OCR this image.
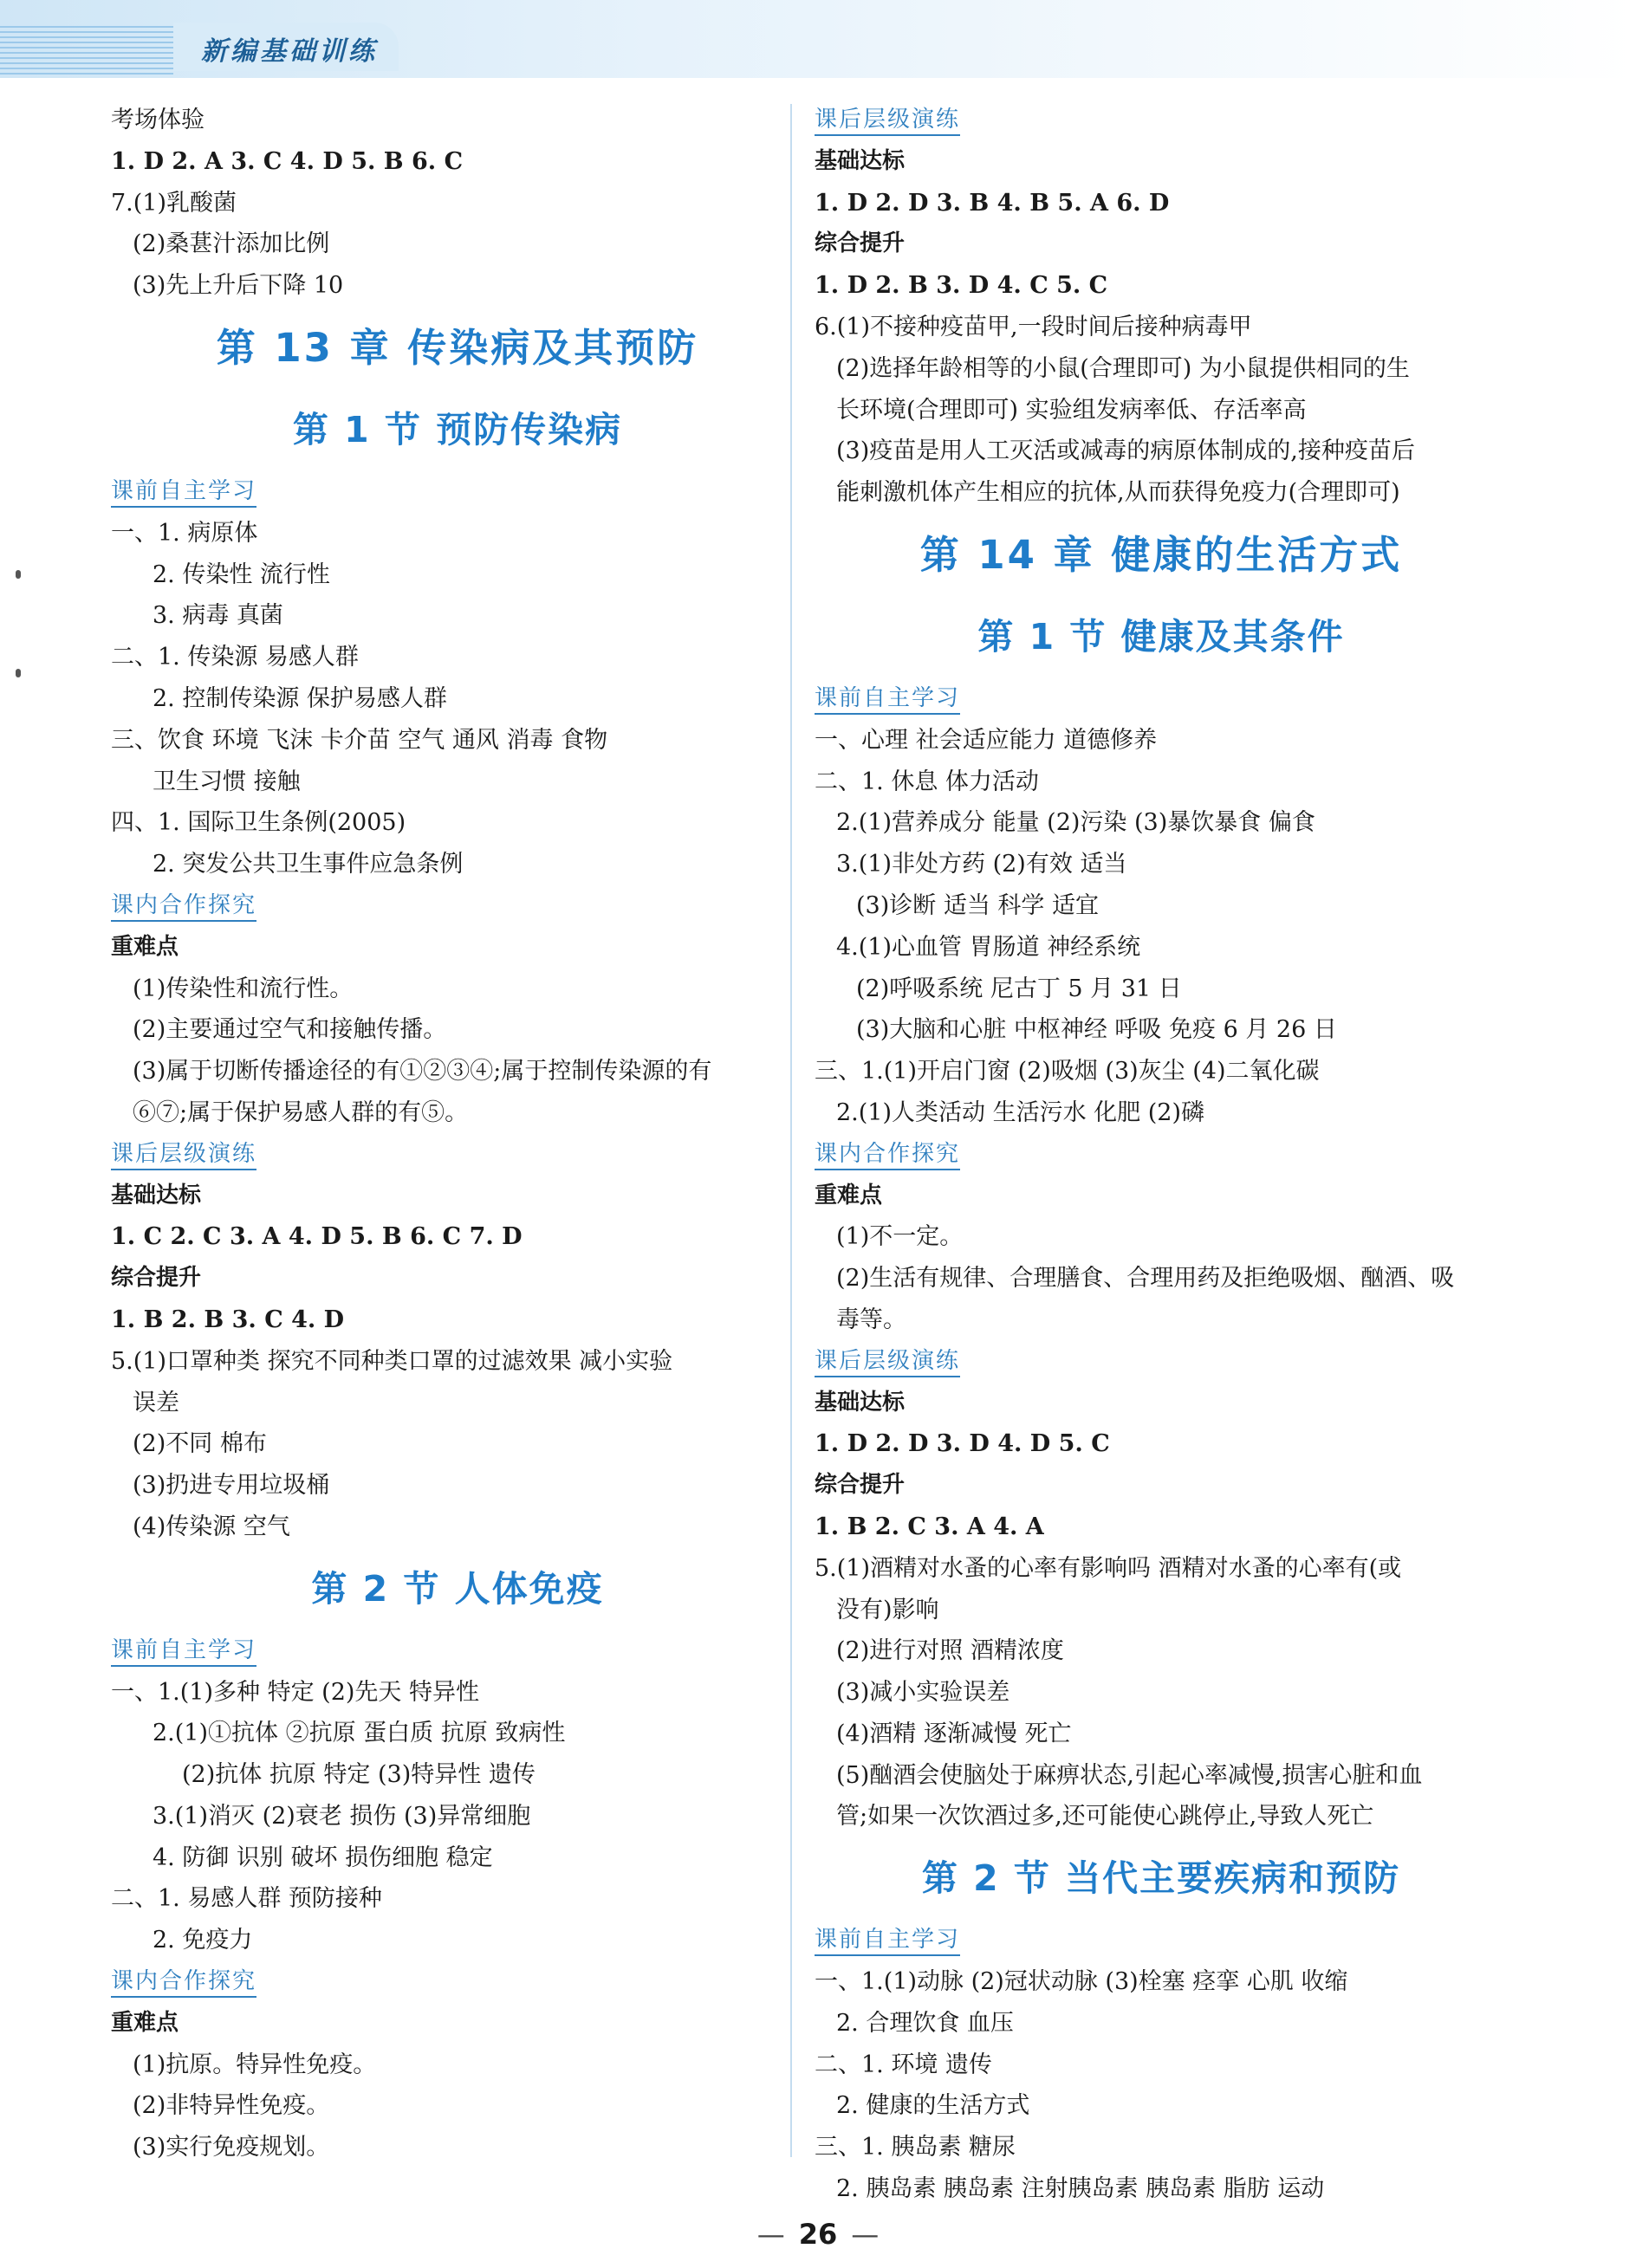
新编基础训练
考场体验
1. D 2. A 3. C 4. D 5. B 6. C
7.(1)乳酸菌
(2)桑葚汁添加比例
(3)先上升后下降 10
第 13 章 传染病及其预防
第 1 节 预防传染病
课前自主学习
一、1. 病原体
2. 传染性 流行性
3. 病毒 真菌
二、1. 传染源 易感人群
2. 控制传染源 保护易感人群
三、饮食 环境 飞沫 卡介苗 空气 通风 消毒 食物
卫生习惯 接触
四、1. 国际卫生条例(2005)
2. 突发公共卫生事件应急条例
课内合作探究
重难点
(1)传染性和流行性。
(2)主要通过空气和接触传播。
(3)属于切断传播途径的有①②③④;属于控制传染源的有
⑥⑦;属于保护易感人群的有⑤。
课后层级演练
基础达标
1. C 2. C 3. A 4. D 5. B 6. C 7. D
综合提升
1. B 2. B 3. C 4. D
5.(1)口罩种类 探究不同种类口罩的过滤效果 减小实验
误差
(2)不同 棉布
(3)扔进专用垃圾桶
(4)传染源 空气
第 2 节 人体免疫
课前自主学习
一、1.(1)多种 特定 (2)先天 特异性
2.(1)①抗体 ②抗原 蛋白质 抗原 致病性
(2)抗体 抗原 特定 (3)特异性 遗传
3.(1)消灭 (2)衰老 损伤 (3)异常细胞
4. 防御 识别 破坏 损伤细胞 稳定
二、1. 易感人群 预防接种
2. 免疫力
课内合作探究
重难点
(1)抗原。特异性免疫。
(2)非特异性免疫。
(3)实行免疫规划。
课后层级演练
基础达标
1. D 2. D 3. B 4. B 5. A 6. D
综合提升
1. D 2. B 3. D 4. C 5. C
6.(1)不接种疫苗甲,一段时间后接种病毒甲
(2)选择年龄相等的小鼠(合理即可) 为小鼠提供相同的生
长环境(合理即可) 实验组发病率低、存活率高
(3)疫苗是用人工灭活或减毒的病原体制成的,接种疫苗后
能刺激机体产生相应的抗体,从而获得免疫力(合理即可)
第 14 章 健康的生活方式
第 1 节 健康及其条件
课前自主学习
一、心理 社会适应能力 道德修养
二、1. 休息 体力活动
2.(1)营养成分 能量 (2)污染 (3)暴饮暴食 偏食
3.(1)非处方药 (2)有效 适当
(3)诊断 适当 科学 适宜
4.(1)心血管 胃肠道 神经系统
(2)呼吸系统 尼古丁 5 月 31 日
(3)大脑和心脏 中枢神经 呼吸 免疫 6 月 26 日
三、1.(1)开启门窗 (2)吸烟 (3)灰尘 (4)二氧化碳
2.(1)人类活动 生活污水 化肥 (2)磷
课内合作探究
重难点
(1)不一定。
(2)生活有规律、合理膳食、合理用药及拒绝吸烟、酗酒、吸
毒等。
课后层级演练
基础达标
1. D 2. D 3. D 4. D 5. C
综合提升
1. B 2. C 3. A 4. A
5.(1)酒精对水蚤的心率有影响吗 酒精对水蚤的心率有(或
没有)影响
(2)进行对照 酒精浓度
(3)减小实验误差
(4)酒精 逐渐减慢 死亡
(5)酗酒会使脑处于麻痹状态,引起心率减慢,损害心脏和血
管;如果一次饮酒过多,还可能使心跳停止,导致人死亡
第 2 节 当代主要疾病和预防
课前自主学习
一、1.(1)动脉 (2)冠状动脉 (3)栓塞 痉挛 心肌 收缩
2. 合理饮食 血压
二、1. 环境 遗传
2. 健康的生活方式
三、1. 胰岛素 糖尿
2. 胰岛素 胰岛素 注射胰岛素 胰岛素 脂肪 运动
— 26 —
